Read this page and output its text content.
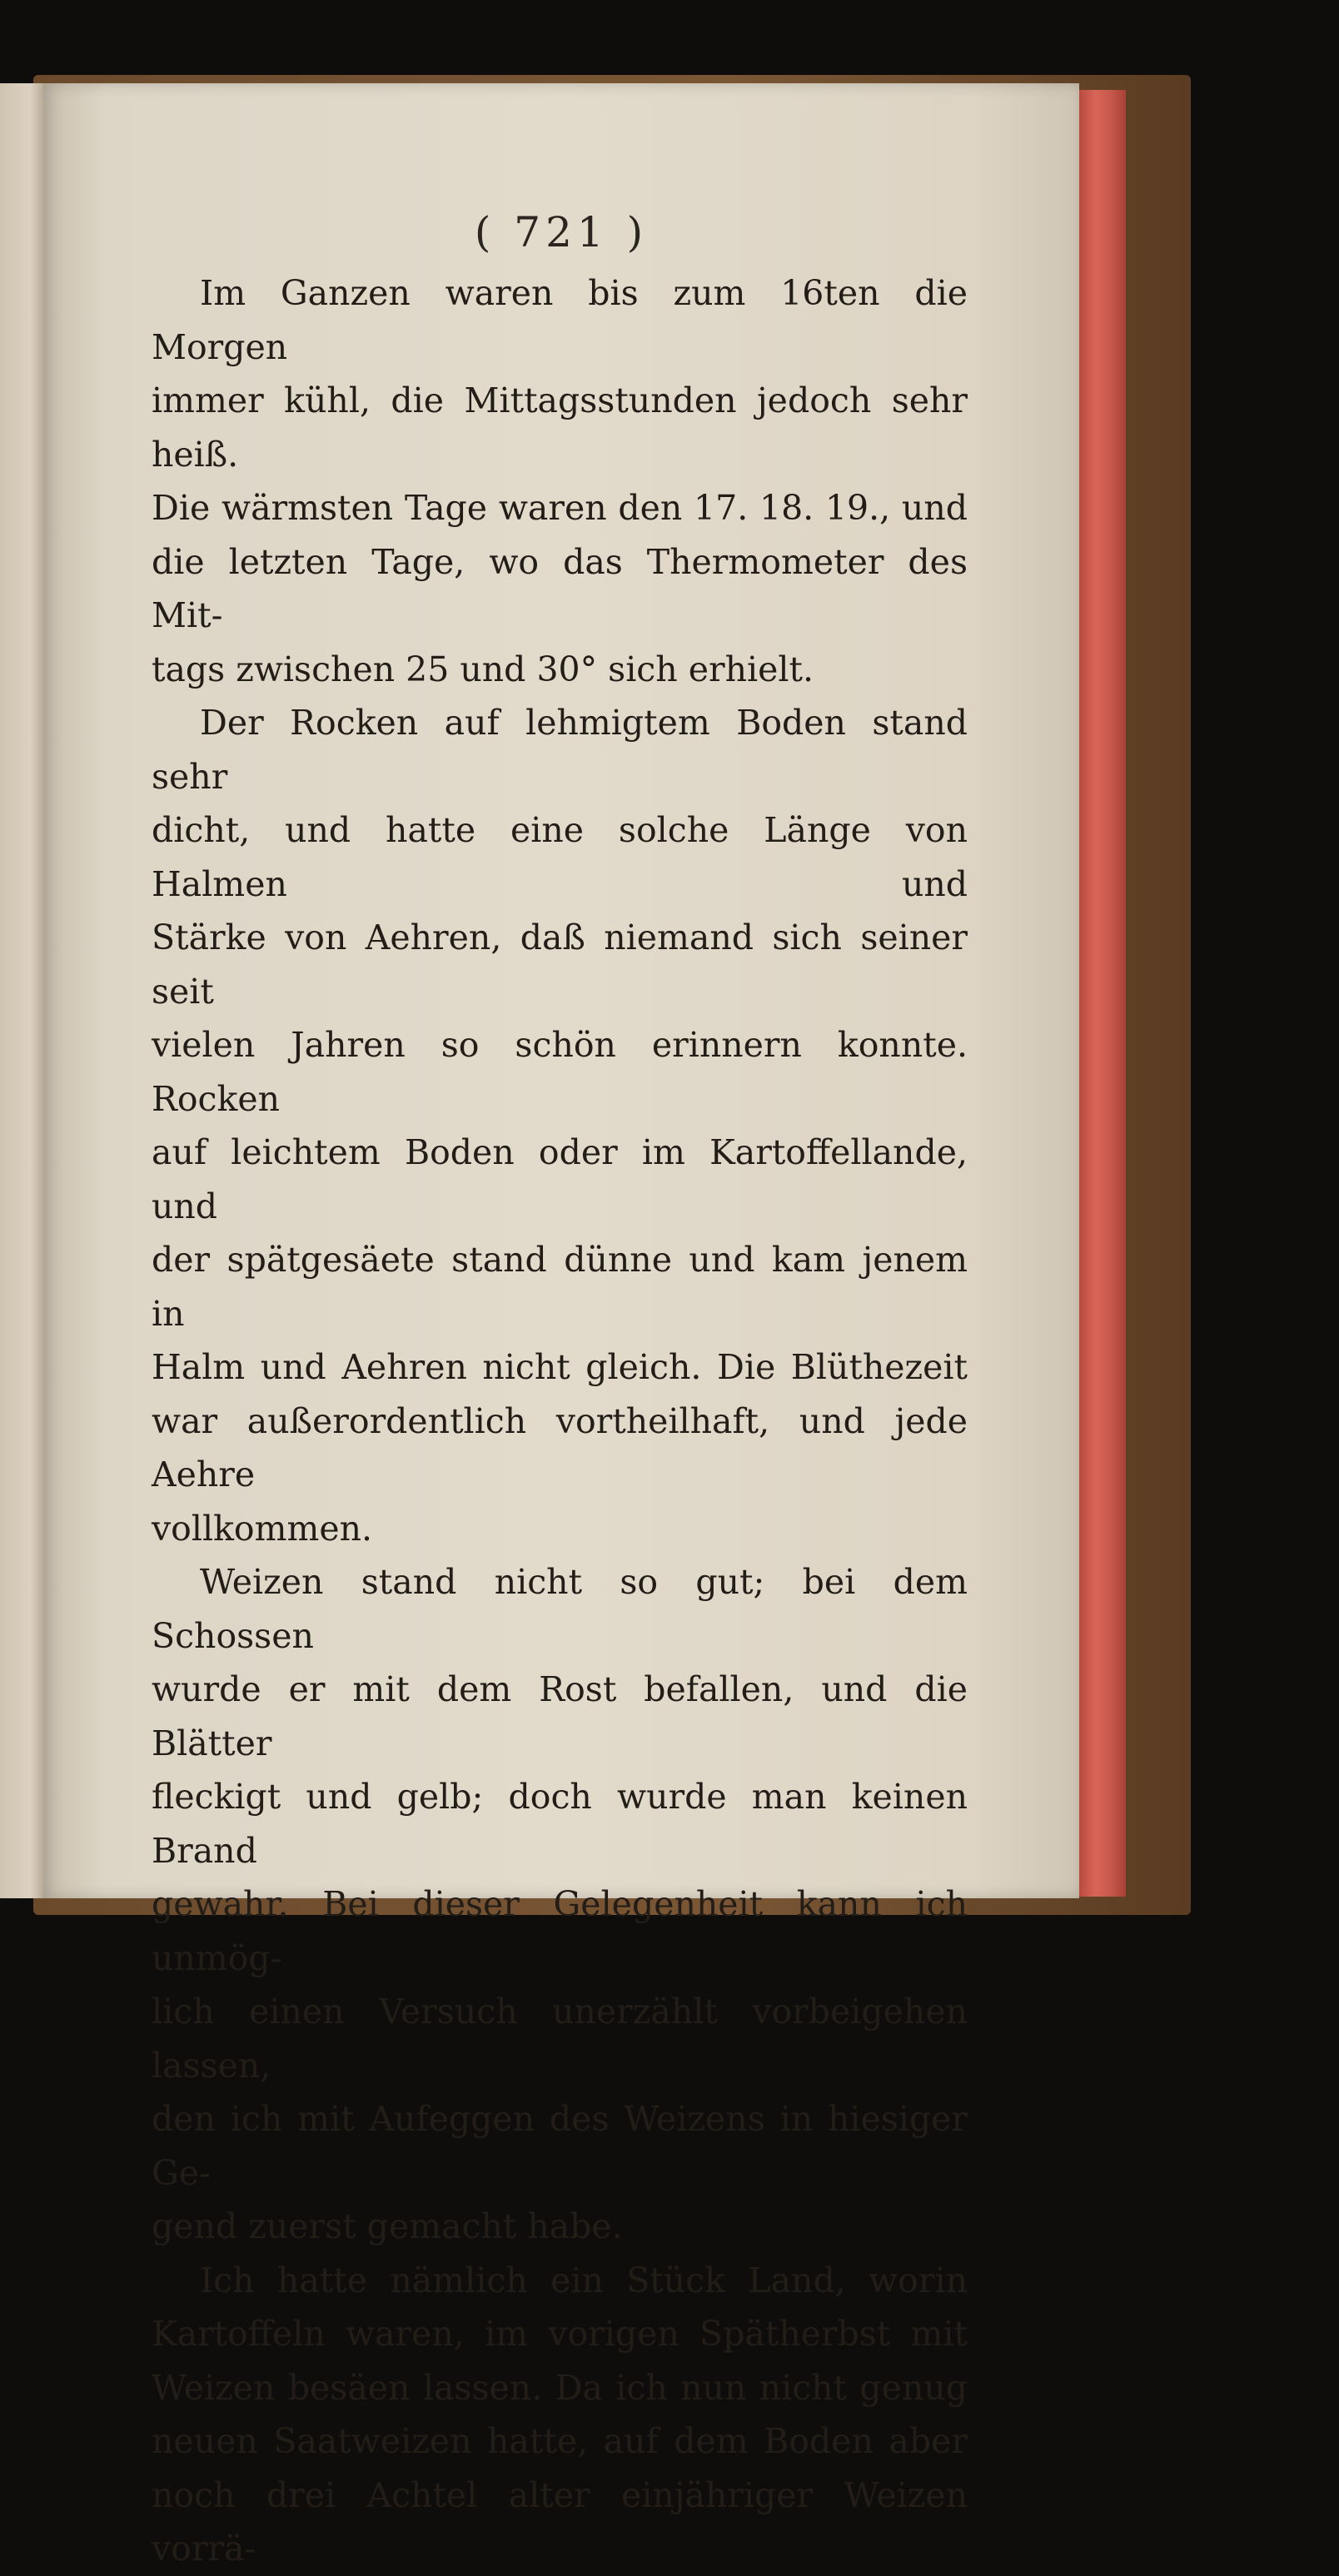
( 721 )

Im Ganzen waren bis zum 16ten die Morgen

immer kühl, die Mittagsstunden jedoch sehr heiß.

Die wärmsten Tage waren den 17. 18. 19., und

die letzten Tage, wo das Thermometer des Mit-

tags zwischen 25 und 30° sich erhielt.

Der Rocken auf lehmigtem Boden stand sehr

dicht, und hatte eine solche Länge von Halmen und

Stärke von Aehren, daß niemand sich seiner seit

vielen Jahren so schön erinnern konnte. Rocken

auf leichtem Boden oder im Kartoffellande, und

der spätgesäete stand dünne und kam jenem in

Halm und Aehren nicht gleich. Die Blüthezeit

war außerordentlich vortheilhaft, und jede Aehre

vollkommen.

Weizen stand nicht so gut; bei dem Schossen

wurde er mit dem Rost befallen, und die Blätter

fleckigt und gelb; doch wurde man keinen Brand

gewahr. Bei dieser Gelegenheit kann ich unmög-

lich einen Versuch unerzählt vorbeigehen lassen,

den ich mit Aufeggen des Weizens in hiesiger Ge-

gend zuerst gemacht habe.

Ich hatte nämlich ein Stück Land, worin

Kartoffeln waren, im vorigen Spätherbst mit

Weizen besäen lassen. Da ich nun nicht genug

neuen Saatweizen hatte, auf dem Boden aber

noch drei Achtel alter einjähriger Weizen vorrä-
